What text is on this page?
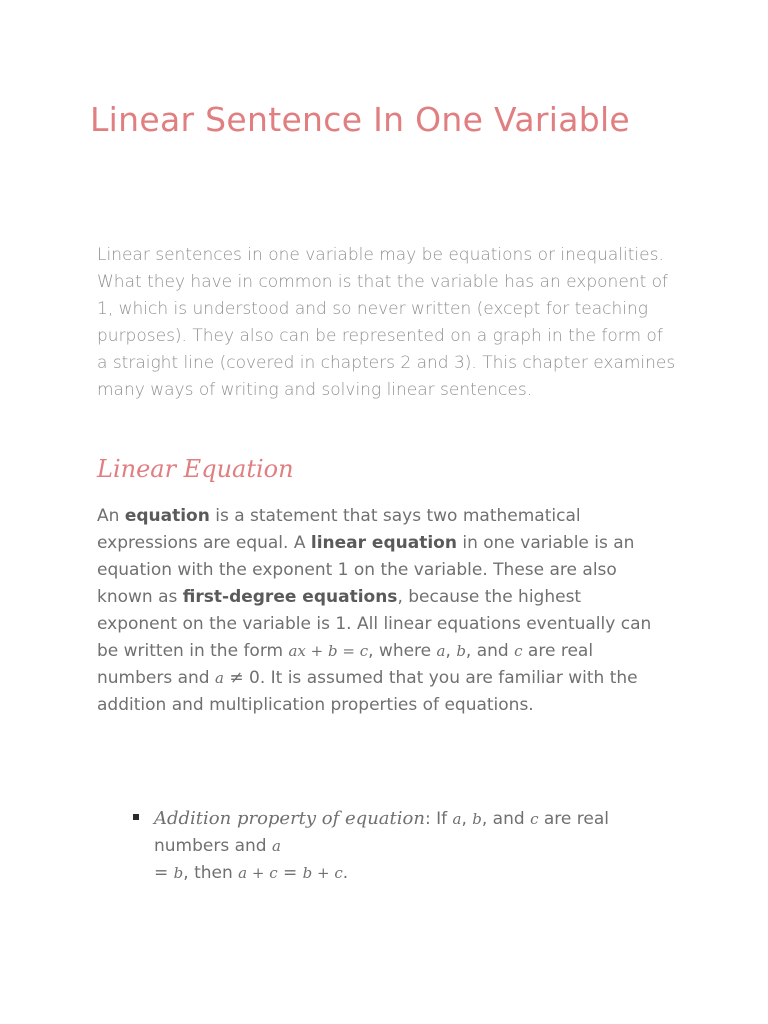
Linear Sentence In One Variable

Linear sentences in one variable may be equations or inequalities. What they have in common is that the variable has an exponent of 1, which is understood and so never written (except for teaching purposes). They also can be represented on a graph in the form of a straight line (covered in chapters 2 and 3). This chapter examines many ways of writing and solving linear sentences.

Linear Equation

An equation is a statement that says two mathematical expressions are equal. A linear equation in one variable is an equation with the exponent 1 on the variable. These are also known as first-degree equations, because the highest exponent on the variable is 1. All linear equations eventually can be written in the form ax + b = c, where a, b, and c are real numbers and a ≠ 0. It is assumed that you are familiar with the addition and multiplication properties of equations.

Addition property of equation: If a, b, and c are real numbers and a
= b, then a + c = b + c.
